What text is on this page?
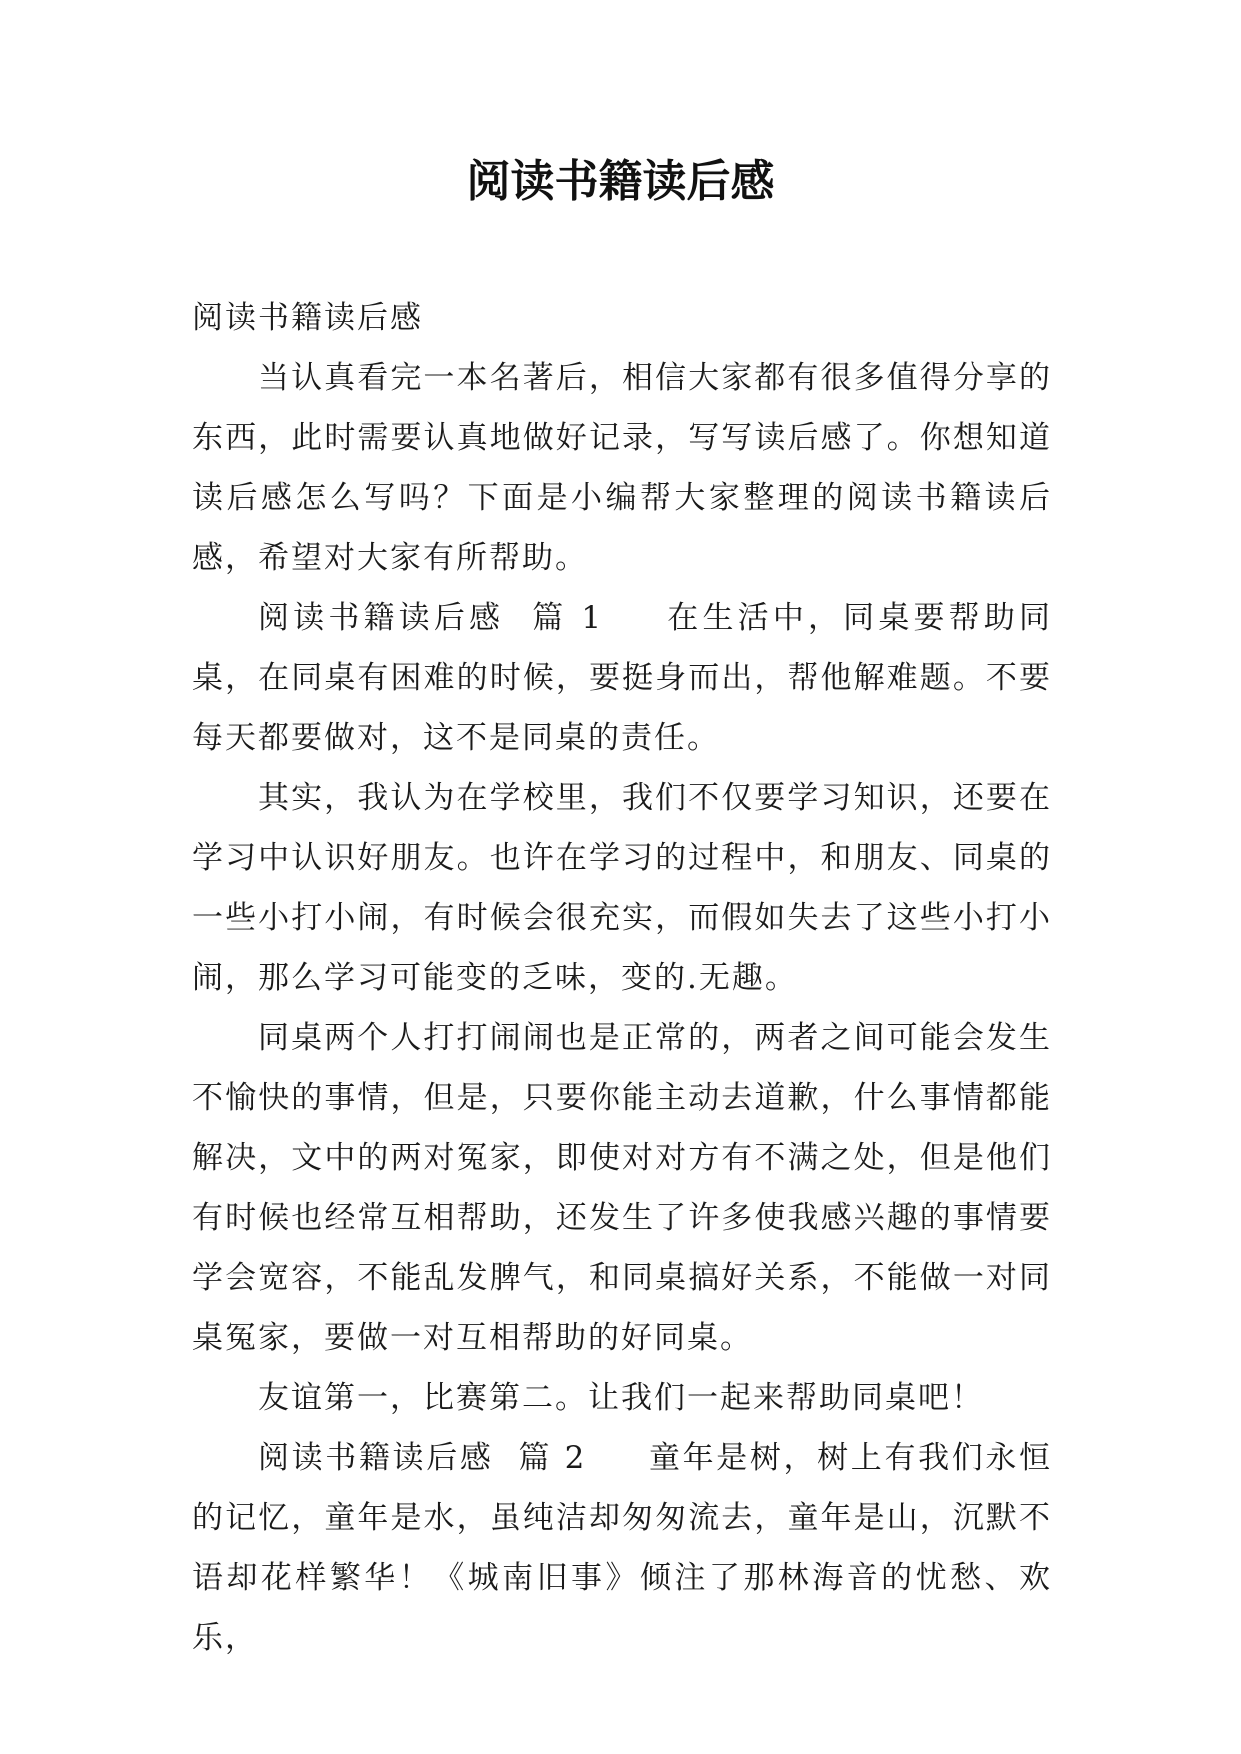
阅读书籍读后感

阅读书籍读后感

当认真看完一本名著后，相信大家都有很多值得分享的东西，此时需要认真地做好记录，写写读后感了。你想知道读后感怎么写吗？下面是小编帮大家整理的阅读书籍读后感，希望对大家有所帮助。

阅读书籍读后感  篇 1 在生活中，同桌要帮助同桌，在同桌有困难的时候，要挺身而出，帮他解难题。不要每天都要做对，这不是同桌的责任。

其实，我认为在学校里，我们不仅要学习知识，还要在学习中认识好朋友。也许在学习的过程中，和朋友、同桌的一些小打小闹，有时候会很充实，而假如失去了这些小打小闹，那么学习可能变的乏味，变的.无趣。

同桌两个人打打闹闹也是正常的，两者之间可能会发生不愉快的事情，但是，只要你能主动去道歉，什么事情都能解决，文中的两对冤家，即使对对方有不满之处，但是他们有时候也经常互相帮助，还发生了许多使我感兴趣的事情要学会宽容，不能乱发脾气，和同桌搞好关系，不能做一对同桌冤家，要做一对互相帮助的好同桌。

友谊第一，比赛第二。让我们一起来帮助同桌吧！

阅读书籍读后感  篇 2 童年是树，树上有我们永恒的记忆，童年是水，虽纯洁却匆匆流去，童年是山，沉默不语却花样繁华！《城南旧事》倾注了那林海音的忧愁、欢乐，
